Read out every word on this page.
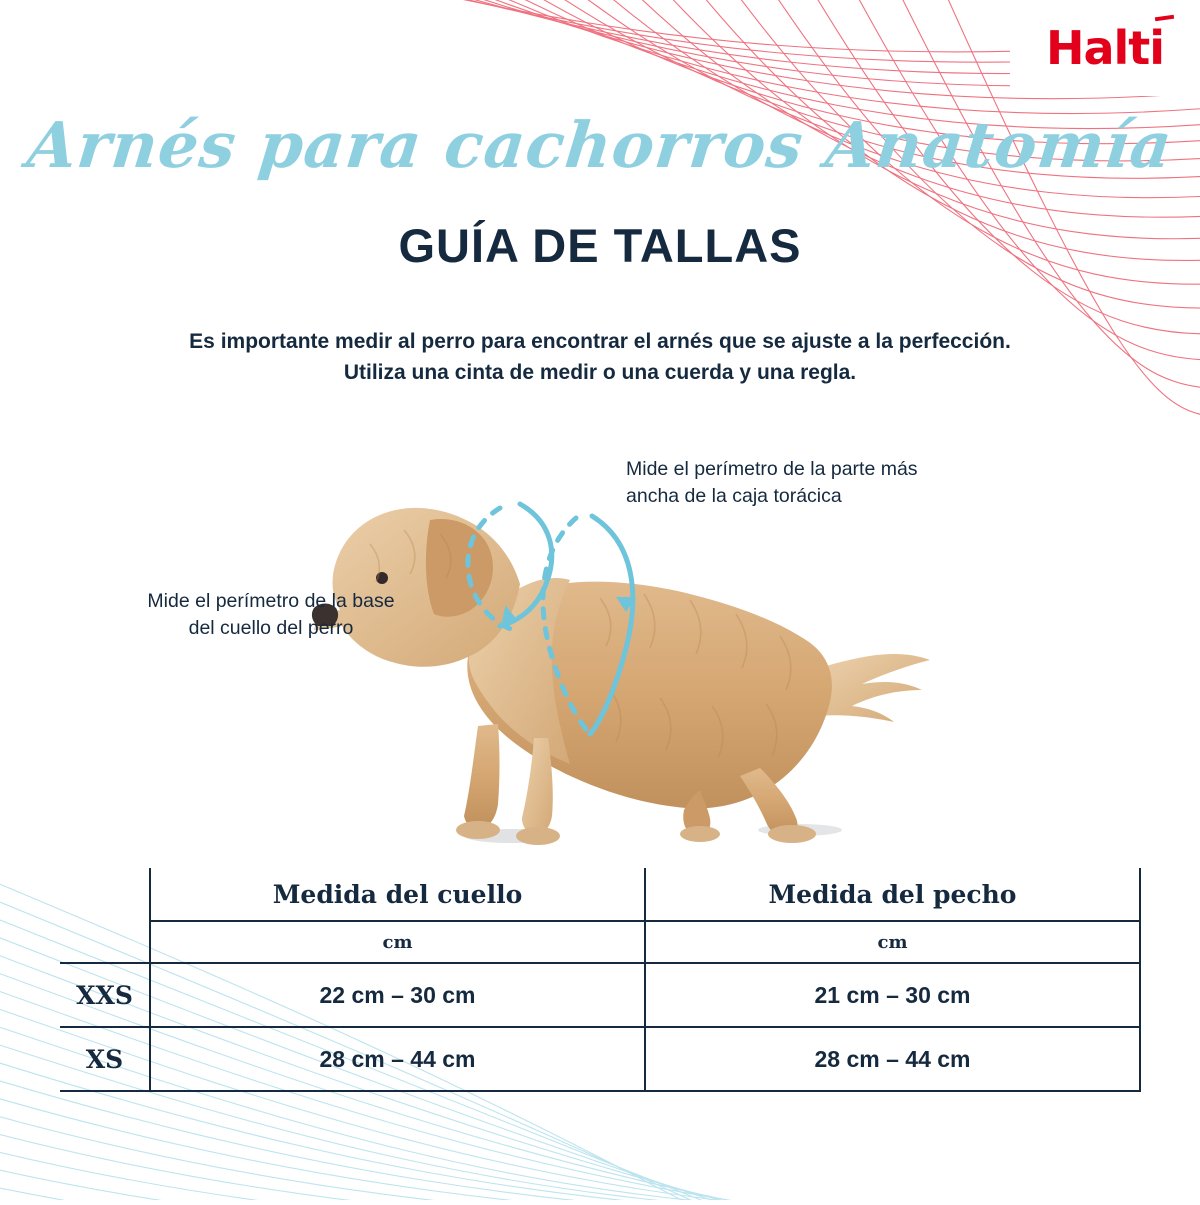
Halti
Arnés para cachorros Anatomía
GUÍA DE TALLAS
Es importante medir al perro para encontrar el arnés que se ajuste a la perfección.
Utiliza una cinta de medir o una cuerda y una regla.
Mide el perímetro de la parte más ancha de la caja torácica
Mide el perímetro de la base del cuello del perro
	Medida del cuello	Medida del pecho
	cm	cm
XXS	22 cm – 30 cm	21 cm – 30 cm
XS	28 cm – 44 cm	28 cm – 44 cm
